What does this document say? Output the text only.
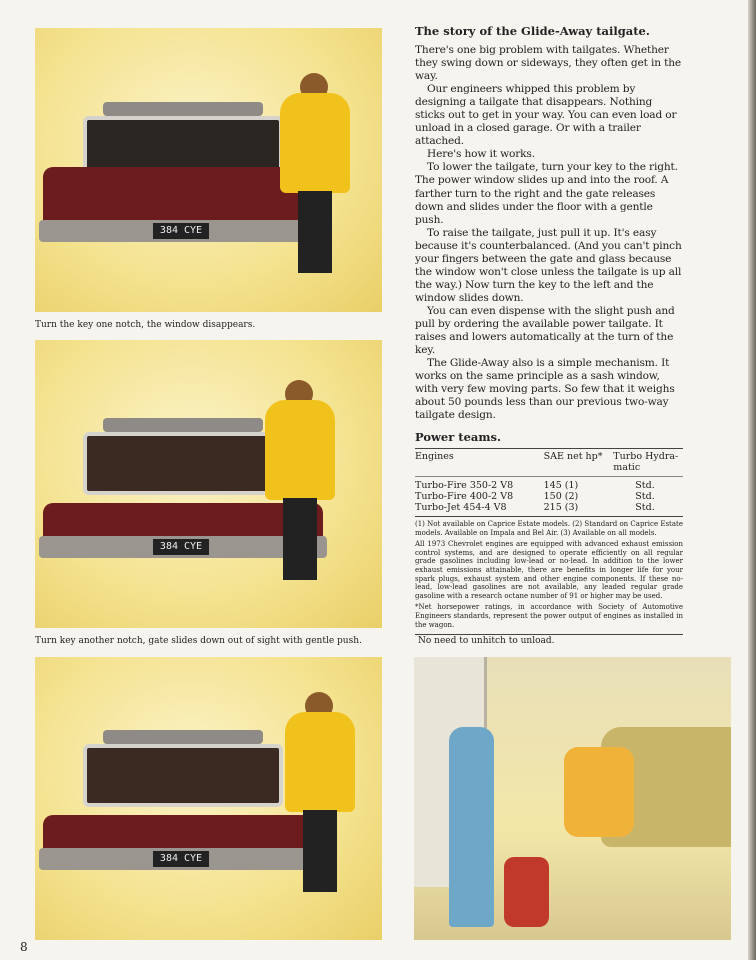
384 CYE
Turn the key one notch, the window disappears.
384 CYE
Turn key another notch, gate slides down out of sight with gentle push.
384 CYE
No need to unhitch to unload.
The story of the Glide-Away tailgate.

There's one big problem with tailgates. Whether they swing down or sideways, they often get in the way.

Our engineers whipped this problem by designing a tailgate that disappears. Nothing sticks out to get in your way. You can even load or unload in a closed garage. Or with a trailer attached.

Here's how it works.

To lower the tailgate, turn your key to the right. The power window slides up and into the roof. A farther turn to the right and the gate releases down and slides under the floor with a gentle push.

To raise the tailgate, just pull it up. It's easy because it's counterbalanced. (And you can't pinch your fingers between the gate and glass because the window won't close unless the tailgate is up all the way.) Now turn the key to the left and the window slides down.

You can even dispense with the slight push and pull by ordering the available power tailgate. It raises and lowers automatically at the turn of the key.

The Glide-Away also is a simple mechanism. It works on the same principle as a sash window, with very few moving parts. So few that it weighs about 50 pounds less than our previous two-way tailgate design.

Power teams.
Engines	SAE net hp*	Turbo Hydra-matic
Turbo-Fire 350-2 V8	145 (1)	Std.
Turbo-Fire 400-2 V8	150 (2)	Std.
Turbo-Jet 454-4 V8	215 (3)	Std.

(1) Not available on Caprice Estate models. (2) Standard on Caprice Estate models. Available on Impala and Bel Air. (3) Available on all models.

All 1973 Chevrolet engines are equipped with advanced exhaust emission control systems, and are designed to operate efficiently on all regular grade gasolines including low-lead or no-lead. In addition to the lower exhaust emissions attainable, there are benefits in longer life for your spark plugs, exhaust system and other engine components. If these no-lead, low-lead gasolines are not available, any leaded regular grade gasoline with a research octane number of 91 or higher may be used.

*Net horsepower ratings, in accordance with Society of Automotive Engineers standards, represent the power output of engines as installed in the wagon.

8
